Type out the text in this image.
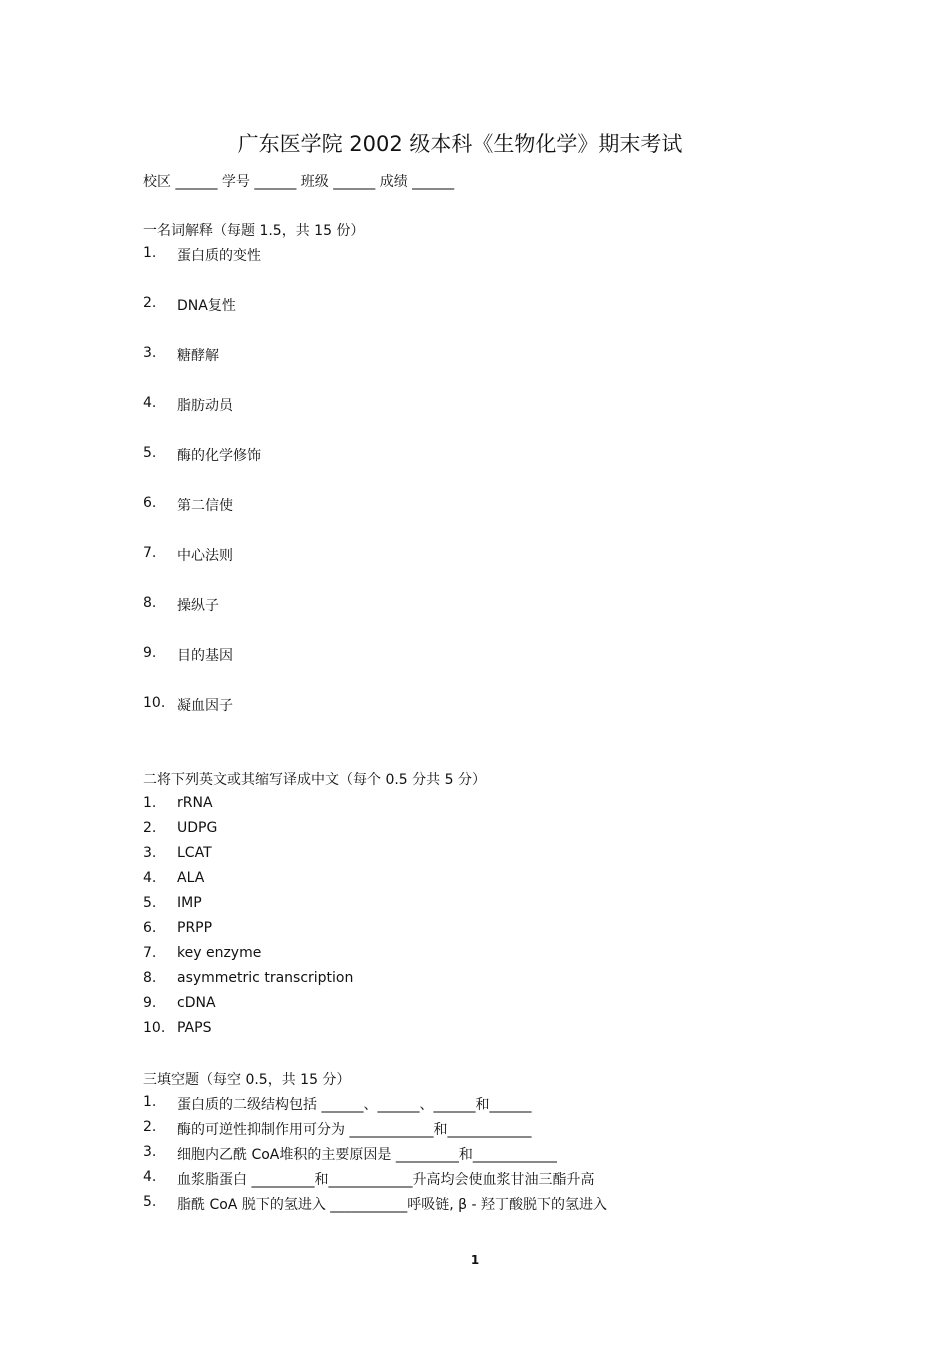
广东医学院 2002 级本科《生物化学》期末考试
校区 ______ 学号 ______ 班级 ______ 成绩 ______
一名词解释（每题 1.5，共 15 份）
1. 蛋白质的变性
2. DNA复性
3. 糖酵解
4. 脂肪动员
5. 酶的化学修饰
6. 第二信使
7. 中心法则
8. 操纵子
9. 目的基因
10. 凝血因子
二将下列英文或其缩写译成中文（每个 0.5 分共 5 分）
1. rRNA
2. UDPG
3. LCAT
4. ALA
5. IMP
6. PRPP
7. key enzyme
8. asymmetric transcription
9. cDNA
10. PAPS
三填空题（每空 0.5，共 15 分）
1. 蛋白质的二级结构包括 ______、______、______和______
2. 酶的可逆性抑制作用可分为 ____________和____________
3. 细胞内乙酰 CoA堆积的主要原因是 _________和____________
4. 血浆脂蛋白 _________和____________升高均会使血浆甘油三酯升高
5. 脂酰 CoA 脱下的氢进入 ___________呼吸链, β - 羟丁酸脱下的氢进入
1
